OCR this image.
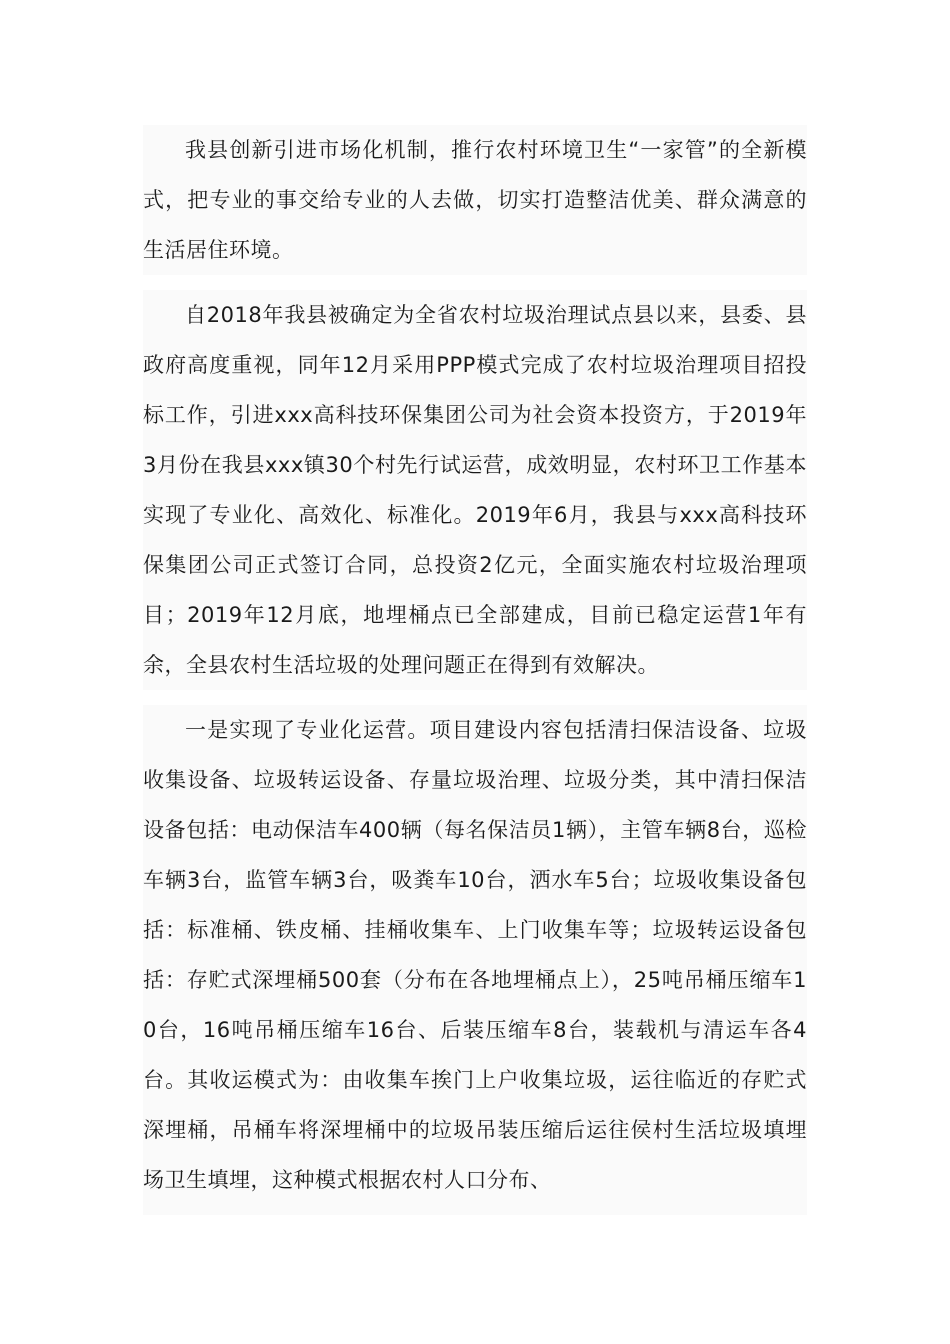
我县创新引进市场化机制，推行农村环境卫生“一家管”的全新模式，把专业的事交给专业的人去做，切实打造整洁优美、群众满意的生活居住环境。

自2018年我县被确定为全省农村垃圾治理试点县以来，县委、县政府高度重视，同年12月采用PPP模式完成了农村垃圾治理项目招投标工作，引进xxx高科技环保集团公司为社会资本投资方，于2019年3月份在我县xxx镇30个村先行试运营，成效明显，农村环卫工作基本实现了专业化、高效化、标准化。2019年6月，我县与xxx高科技环保集团公司正式签订合同，总投资2亿元，全面实施农村垃圾治理项目；2019年12月底，地埋桶点已全部建成，目前已稳定运营1年有余，全县农村生活垃圾的处理问题正在得到有效解决。

一是实现了专业化运营。项目建设内容包括清扫保洁设备、垃圾收集设备、垃圾转运设备、存量垃圾治理、垃圾分类，其中清扫保洁设备包括：电动保洁车400辆（每名保洁员1辆），主管车辆8台，巡检车辆3台，监管车辆3台，吸粪车10台，洒水车5台；垃圾收集设备包括：标准桶、铁皮桶、挂桶收集车、上门收集车等；垃圾转运设备包括：存贮式深埋桶500套（分布在各地埋桶点上），25吨吊桶压缩车10台，16吨吊桶压缩车16台、后装压缩车8台，装载机与清运车各4台。其收运模式为：由收集车挨门上户收集垃圾，运往临近的存贮式深埋桶，吊桶车将深埋桶中的垃圾吊装压缩后运往侯村生活垃圾填埋场卫生填埋，这种模式根据农村人口分布、
